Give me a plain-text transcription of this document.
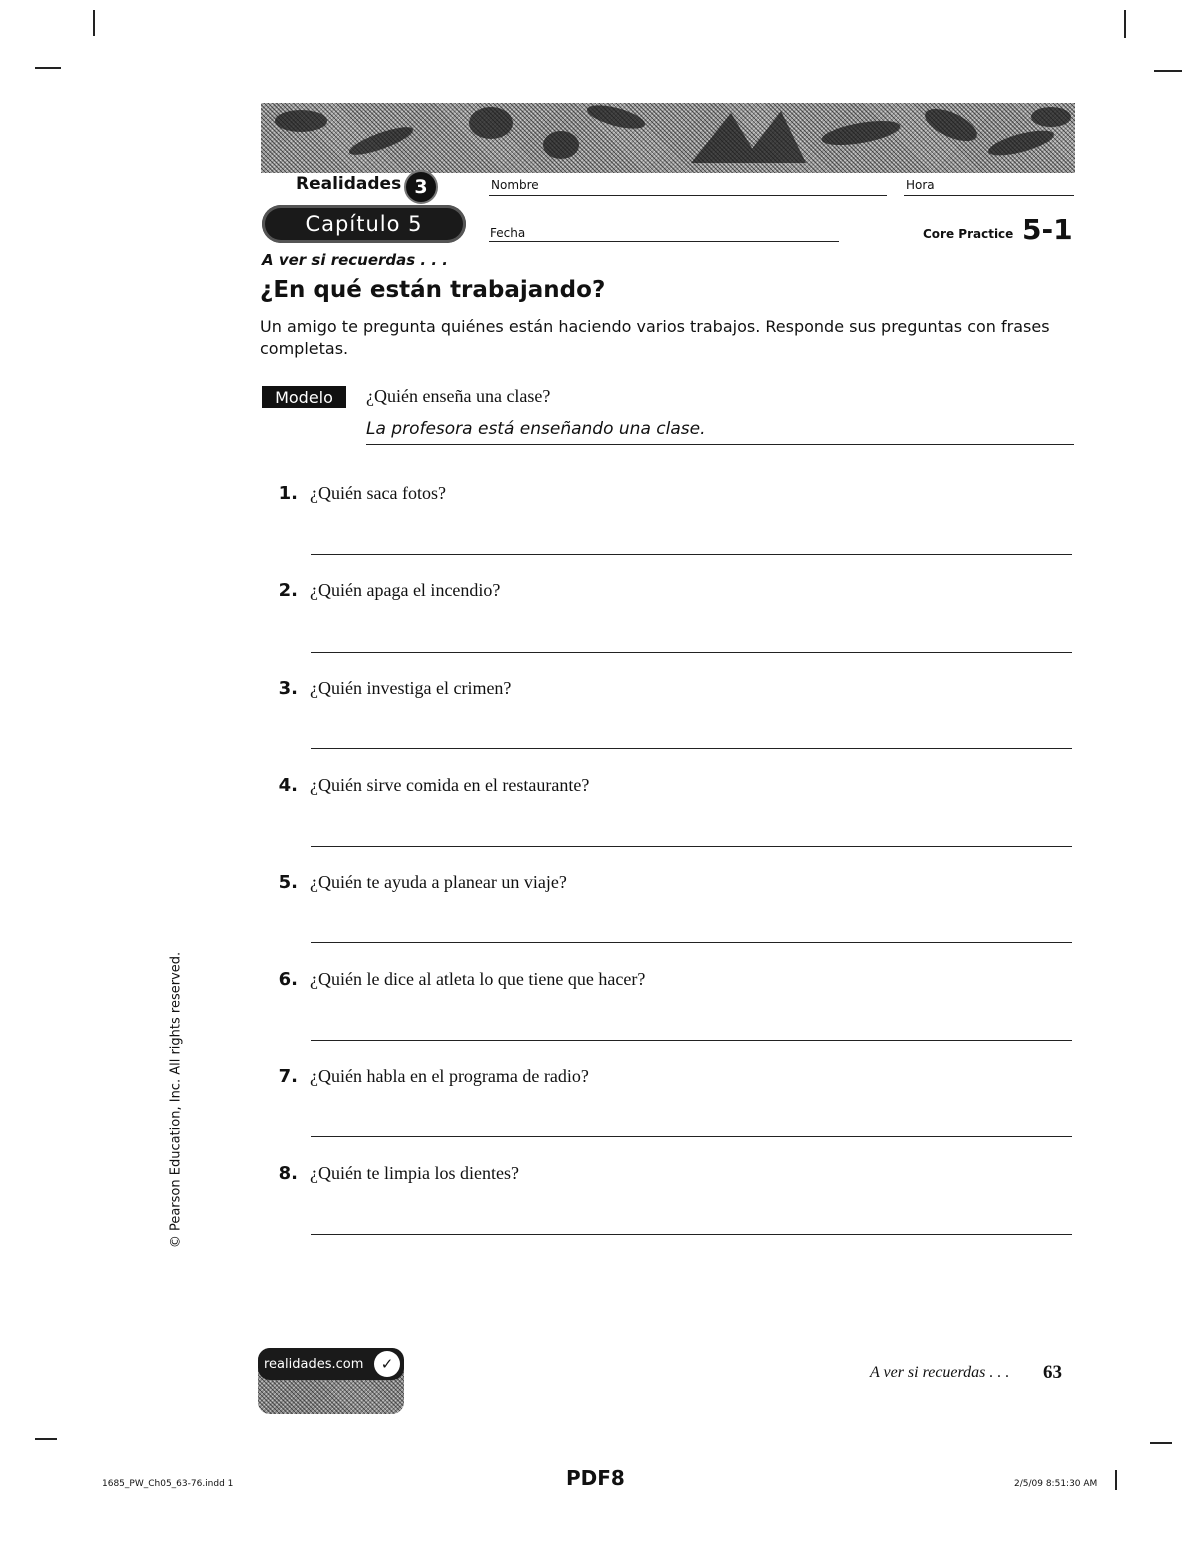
Realidades 3
Capítulo 5
Nombre	Hora
Fecha	Core Practice 5-1
A ver si recuerdas . . .
¿En qué están trabajando?
Un amigo te pregunta quiénes están haciendo varios trabajos. Responde sus preguntas con frases completas.
Modelo	¿Quién enseña una clase?
La profesora está enseñando una clase.
1. ¿Quién saca fotos?
2. ¿Quién apaga el incendio?
3. ¿Quién investiga el crimen?
4. ¿Quién sirve comida en el restaurante?
5. ¿Quién te ayuda a planear un viaje?
6. ¿Quién le dice al atleta lo que tiene que hacer?
7. ¿Quién habla en el programa de radio?
8. ¿Quién te limpia los dientes?
© Pearson Education, Inc. All rights reserved.
realidades.com	✓	A ver si recuerdas . . . 63
1685_PW_Ch05_63-76.indd 1	PDF8	2/5/09 8:51:30 AM
